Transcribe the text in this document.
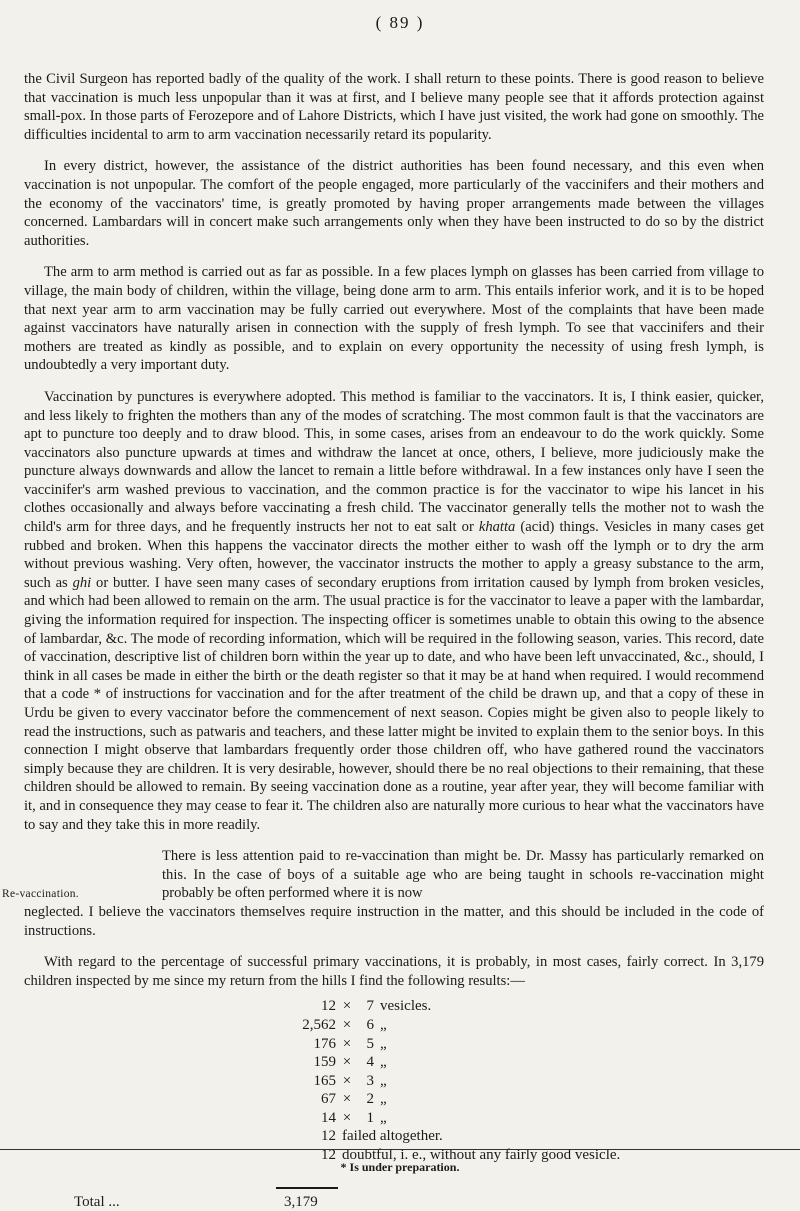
( 89 )

the Civil Surgeon has reported badly of the quality of the work. I shall return to these points. There is good reason to believe that vaccination is much less unpopular than it was at first, and I believe many people see that it affords protection against small-pox. In those parts of Ferozepore and of Lahore Districts, which I have just visited, the work had gone on smoothly. The difficulties incidental to arm to arm vaccination necessarily retard its popularity.

In every district, however, the assistance of the district authorities has been found necessary, and this even when vaccination is not unpopular. The comfort of the people engaged, more particularly of the vaccinifers and their mothers and the economy of the vaccinators' time, is greatly promoted by having proper arrangements made between the villages concerned. Lambardars will in concert make such arrangements only when they have been instructed to do so by the district authorities.

The arm to arm method is carried out as far as possible. In a few places lymph on glasses has been carried from village to village, the main body of children, within the village, being done arm to arm. This entails inferior work, and it is to be hoped that next year arm to arm vaccination may be fully carried out everywhere. Most of the complaints that have been made against vaccinators have naturally arisen in connection with the supply of fresh lymph. To see that vaccinifers and their mothers are treated as kindly as possible, and to explain on every opportunity the necessity of using fresh lymph, is undoubtedly a very important duty.

Vaccination by punctures is everywhere adopted. This method is familiar to the vaccinators. It is, I think easier, quicker, and less likely to frighten the mothers than any of the modes of scratching. The most common fault is that the vaccinators are apt to puncture too deeply and to draw blood. This, in some cases, arises from an endeavour to do the work quickly. Some vaccinators also puncture upwards at times and withdraw the lancet at once, others, I believe, more judiciously make the puncture always downwards and allow the lancet to remain a little before withdrawal. In a few instances only have I seen the vaccinifer's arm washed previous to vaccination, and the common practice is for the vaccinator to wipe his lancet in his clothes occasionally and always before vaccinating a fresh child. The vaccinator generally tells the mother not to wash the child's arm for three days, and he frequently instructs her not to eat salt or khatta (acid) things. Vesicles in many cases get rubbed and broken. When this happens the vaccinator directs the mother either to wash off the lymph or to dry the arm without previous washing. Very often, however, the vaccinator instructs the mother to apply a greasy substance to the arm, such as ghi or butter. I have seen many cases of secondary eruptions from irritation caused by lymph from broken vesicles, and which had been allowed to remain on the arm. The usual practice is for the vaccinator to leave a paper with the lambardar, giving the information required for inspection. The inspecting officer is sometimes unable to obtain this owing to the absence of lambardar, &c. The mode of recording information, which will be required in the following season, varies. This record, date of vaccination, descriptive list of children born within the year up to date, and who have been left unvaccinated, &c., should, I think in all cases be made in either the birth or the death register so that it may be at hand when required. I would recommend that a code * of instructions for vaccination and for the after treatment of the child be drawn up, and that a copy of these in Urdu be given to every vaccinator before the commencement of next season. Copies might be given also to people likely to read the instructions, such as patwaris and teachers, and these latter might be invited to explain them to the senior boys. In this connection I might observe that lambardars frequently order those children off, who have gathered round the vaccinators simply because they are children. It is very desirable, however, should there be no real objections to their remaining, that these children should be allowed to remain. By seeing vaccination done as a routine, year after year, they will become familiar with it, and in consequence they may cease to fear it. The children also are naturally more curious to hear what the vaccinators have to say and they take this in more readily.

Re-vaccination.

There is less attention paid to re-vaccination than might be. Dr. Massy has particularly remarked on this. In the case of boys of a suitable age who are being taught in schools re-vaccination might probably be often performed where it is now

neglected. I believe the vaccinators themselves require instruction in the matter, and this should be included in the code of instructions.

With regard to the percentage of successful primary vaccinations, it is probably, in most cases, fairly correct. In 3,179 children inspected by me since my return from the hills I find the following results:—

12 ×	7 vesicles.
2,562 ×	6 „
176 ×	5 „
159 ×	4 „
165 ×	3 „
67 ×	2 „
14 ×	1 „
12 failed altogether.
12 doubtful, i. e., without any fairly good vesicle.
Total ...	3,179
* Is under preparation.
